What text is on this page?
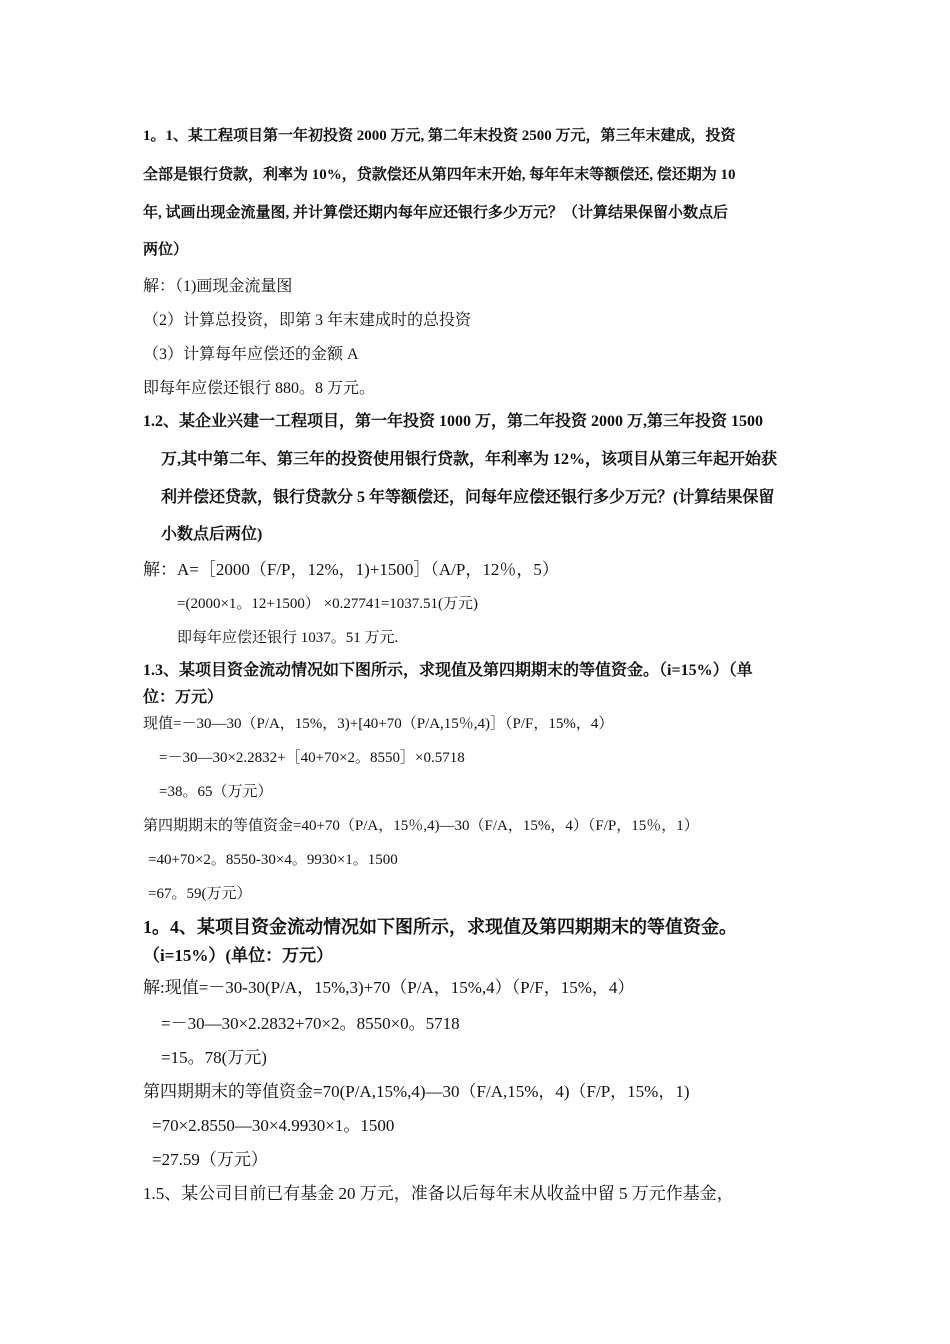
1。1、某工程项目第一年初投资 2000 万元, 第二年末投资 2500 万元，第三年末建成，投资
全部是银行贷款，利率为 10%，贷款偿还从第四年末开始, 每年年末等额偿还, 偿还期为 10
年, 试画出现金流量图, 并计算偿还期内每年应还银行多少万元？（计算结果保留小数点后
两位）
解：（1)画现金流量图
（2）计算总投资，即第 3 年末建成时的总投资
（3）计算每年应偿还的金额 A
即每年应偿还银行 880。8 万元。
1.2、某企业兴建一工程项目，第一年投资 1000 万，第二年投资 2000 万,第三年投资 1500
万,其中第二年、第三年的投资使用银行贷款，年利率为 12%，该项目从第三年起开始获
利并偿还贷款，银行贷款分 5 年等额偿还，问每年应偿还银行多少万元？(计算结果保留
小数点后两位)
解：A=［2000（F/P，12%，1)+1500］（A/P，12％，5）
=(2000×1。12+1500） ×0.27741=1037.51(万元)
即每年应偿还银行 1037。51 万元.
1.3、某项目资金流动情况如下图所示，求现值及第四期期末的等值资金。（i=15%）（单
位：万元）
现值=－30—30（P/A，15%，3)+[40+70（P/A,15％,4)］（P/F，15%，4）
=－30—30×2.2832+［40+70×2。8550］×0.5718
=38。65（万元）
第四期期末的等值资金=40+70（P/A，15％,4)—30（F/A，15%，4）（F/P，15％，1）
=40+70×2。8550-30×4。9930×1。1500
=67。59(万元）
1。4、某项目资金流动情况如下图所示，求现值及第四期期末的等值资金。
（i=15%）(单位：万元）
解:现值=－30-30(P/A，15%,3)+70（P/A，15%,4）（P/F，15%，4）
=－30—30×2.2832+70×2。8550×0。5718
=15。78(万元)
第四期期末的等值资金=70(P/A,15%,4)—30（F/A,15%，4)（F/P，15%，1)
=70×2.8550—30×4.9930×1。1500
=27.59（万元）
1.5、某公司目前已有基金 20 万元，准备以后每年末从收益中留 5 万元作基金，
